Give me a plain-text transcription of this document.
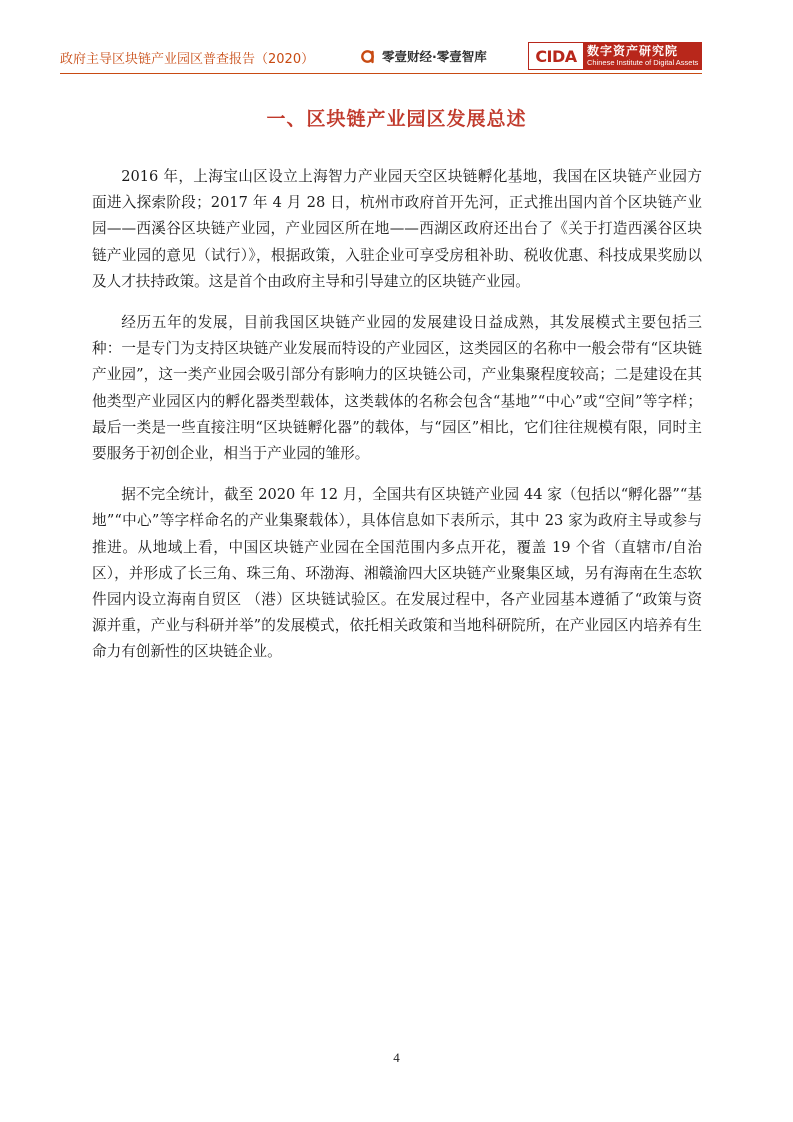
政府主导区块链产业园区普查报告（2020）	零壹财经·零壹智库	CIDA 数字资产研究院
Chinese Institute of Digital Assets
一、区块链产业园区发展总述

2016 年，上海宝山区设立上海智力产业园天空区块链孵化基地，我国在区块链产业园方面进入探索阶段；2017 年 4 月 28 日，杭州市政府首开先河，正式推出国内首个区块链产业园——西溪谷区块链产业园，产业园区所在地——西湖区政府还出台了《关于打造西溪谷区块链产业园的意见（试行）》，根据政策，入驻企业可享受房租补助、税收优惠、科技成果奖励以及人才扶持政策。这是首个由政府主导和引导建立的区块链产业园。

经历五年的发展，目前我国区块链产业园的发展建设日益成熟，其发展模式主要包括三种：一是专门为支持区块链产业发展而特设的产业园区，这类园区的名称中一般会带有“区块链产业园”，这一类产业园会吸引部分有影响力的区块链公司，产业集聚程度较高；二是建设在其他类型产业园区内的孵化器类型载体，这类载体的名称会包含“基地”“中心”或“空间”等字样；最后一类是一些直接注明“区块链孵化器”的载体，与“园区”相比，它们往往规模有限，同时主要服务于初创企业，相当于产业园的雏形。

据不完全统计，截至 2020 年 12 月，全国共有区块链产业园 44 家（包括以“孵化器”“基地”“中心”等字样命名的产业集聚载体），具体信息如下表所示，其中 23 家为政府主导或参与推进。从地域上看，中国区块链产业园在全国范围内多点开花，覆盖 19 个省（直辖市/自治区），并形成了长三角、珠三角、环渤海、湘赣渝四大区块链产业聚集区域，另有海南在生态软件园内设立海南自贸区 （港）区块链试验区。在发展过程中，各产业园基本遵循了“政策与资源并重，产业与科研并举”的发展模式，依托相关政策和当地科研院所，在产业园区内培养有生命力有创新性的区块链企业。

4
